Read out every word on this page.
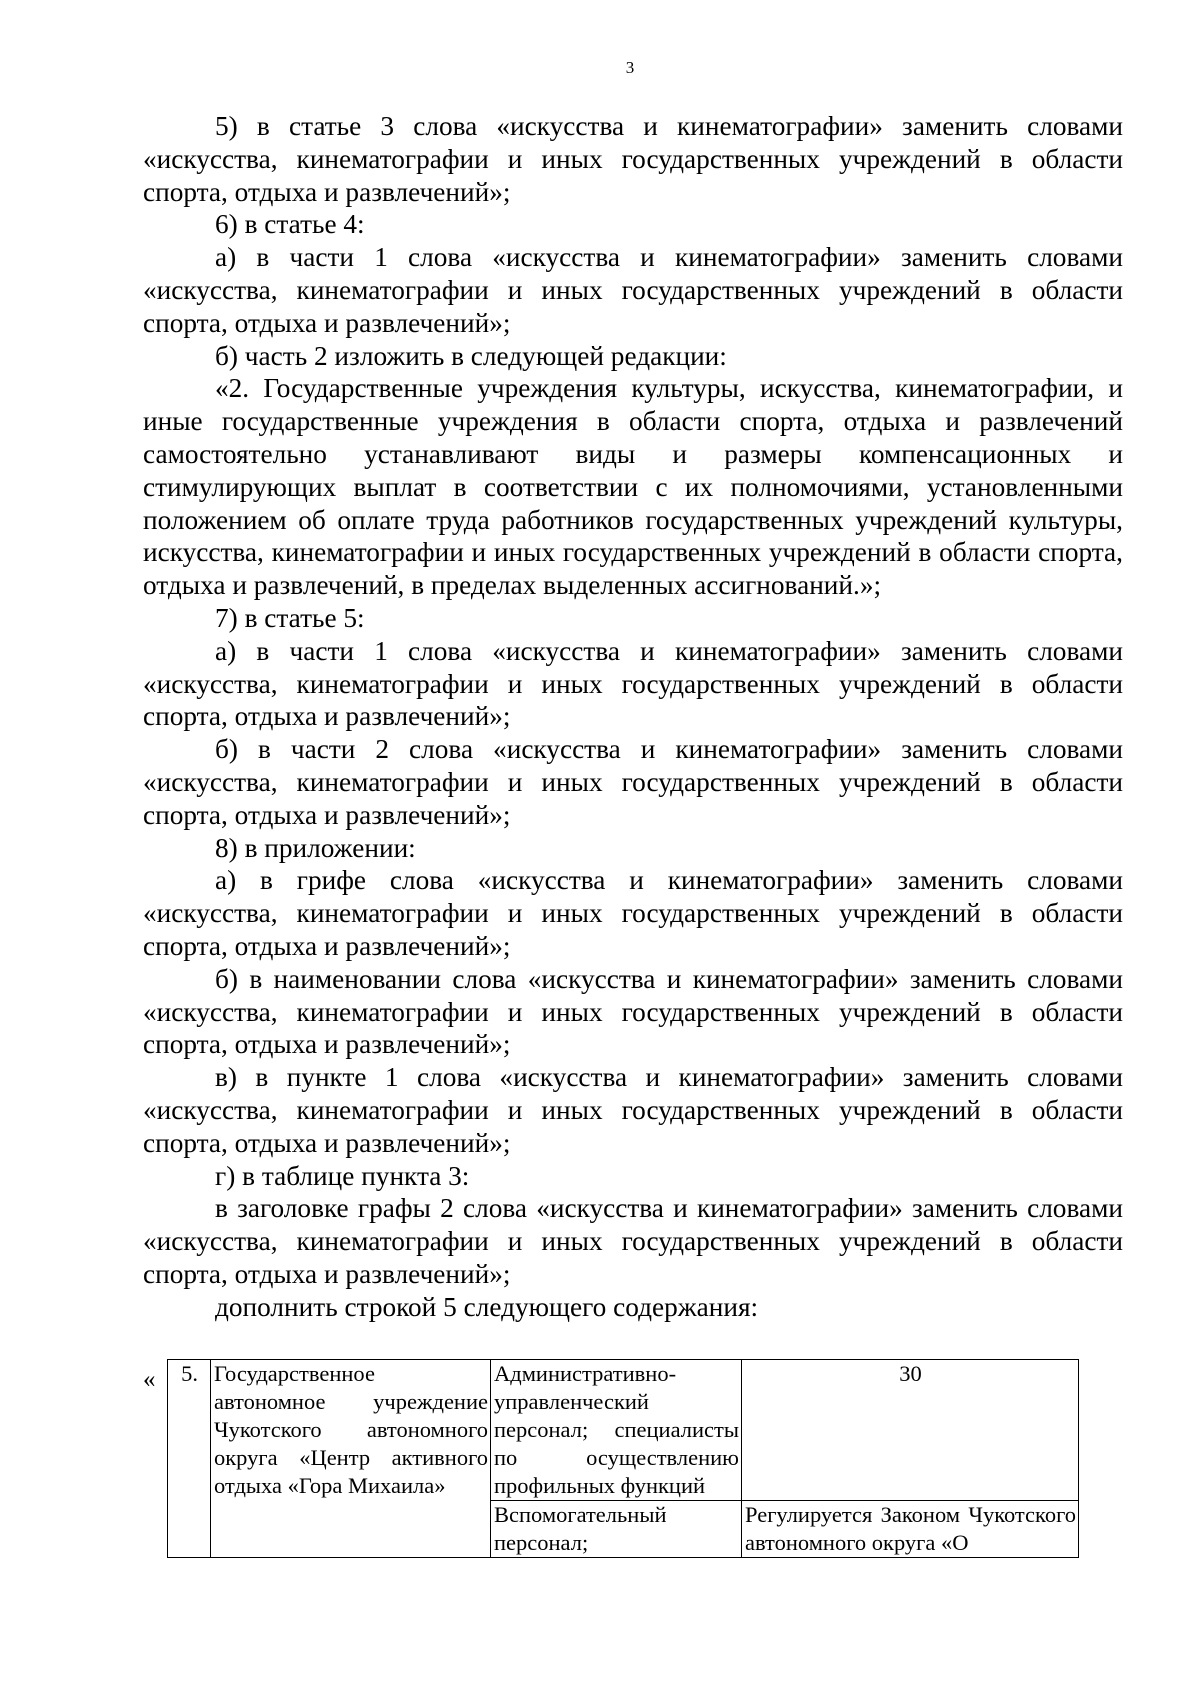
3

5) в статье 3 слова «искусства и кинематографии» заменить словами «искусства, кинематографии и иных государственных учреждений в области спорта, отдыха и развлечений»;

6) в статье 4:

а) в части 1 слова «искусства и кинематографии» заменить словами «искусства, кинематографии и иных государственных учреждений в области спорта, отдыха и развлечений»;

б) часть 2 изложить в следующей редакции:

«2. Государственные учреждения культуры, искусства, кинематографии, и иные государственные учреждения в области спорта, отдыха и развлечений самостоятельно устанавливают виды и размеры компенсационных и стимулирующих выплат в соответствии с их полномочиями, установленными положением об оплате труда работников государственных учреждений культуры, искусства, кинематографии и иных государственных учреждений в области спорта, отдыха и развлечений, в пределах выделенных ассигнований.»;

7) в статье 5:

а) в части 1 слова «искусства и кинематографии» заменить словами «искусства, кинематографии и иных государственных учреждений в области спорта, отдыха и развлечений»;

б) в части 2 слова «искусства и кинематографии» заменить словами «искусства, кинематографии и иных государственных учреждений в области спорта, отдыха и развлечений»;

8) в приложении:

а) в грифе слова «искусства и кинематографии» заменить словами «искусства, кинематографии и иных государственных учреждений в области спорта, отдыха и развлечений»;

б) в наименовании слова «искусства и кинематографии» заменить словами «искусства, кинематографии и иных государственных учреждений в области спорта, отдыха и развлечений»;

в) в пункте 1 слова «искусства и кинематографии» заменить словами «искусства, кинематографии и иных государственных учреждений в области спорта, отдыха и развлечений»;

г) в таблице пункта 3:

в заголовке графы 2 слова «искусства и кинематографии» заменить словами «искусства, кинематографии и иных государственных учреждений в области спорта, отдыха и развлечений»;

дополнить строкой 5 следующего содержания:

« 5.	Государственное автономное учреждение Чукотского автономного округа «Центр активного отдыха «Гора Михаила»	Административно-управленческий персонал; специалисты по осуществлению профильных функций	30
		Вспомогательный персонал;	Регулируется Законом Чукотского автономного округа «О
